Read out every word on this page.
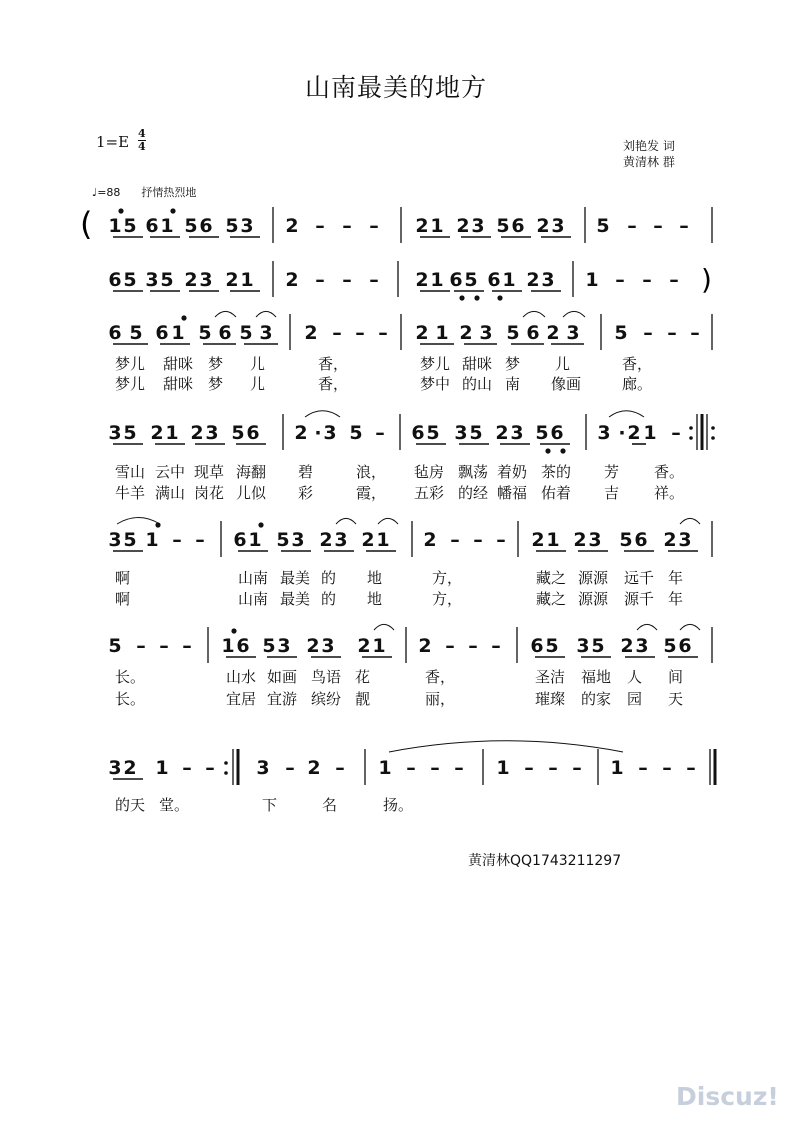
山南最美的地方
$1=E \frac{4}{4}$	刘艳发 词
黄清林 群
♩=88 抒情热烈地
( 1 5 6 1 5 6 5 3 2 – – – 2 1 2 3 5 6 2 3 5 – – –
6 5 3 5 2 3 2 1 2 – – – 2 1 6 5 6 1 2 3 1 – – – )
6 5 6 1 5 6 5 3 2 – – – 2 1 2 3 5 6 2 3 5 – – –
梦儿 甜咪 梦 儿	香，	梦儿 甜咪 梦 儿	香，
梦儿 甜咪 梦 儿	香，	梦中 的山 南 像画	廊。
3 5 2 1 2 3 5 6 2 · 3 5 – 6 5 3 5 2 3 5 6 3 · 2 1 –
雪山 云中 现草 海翻 碧	浪， 毡房 飘荡 着奶 茶的 芳 香。
牛羊 满山 岗花 儿似 彩	霞， 五彩 的经 幡福 佑着 吉 祥。
3 5 1 – – 6 1 5 3 2 3 2 1 2 – – – 2 1 2 3 5 6 2 3
啊	山南 最美 的 地	方，	藏之 源源 远千 年
啊	山南 最美 的 地	方，	藏之 源源 源千 年
5 – – – 1 6 5 3 2 3 2 1 2 – – – 6 5 3 5 2 3 5 6
长。	山水 如画 鸟语 花	香，	圣洁 福地 人 间
长。	宜居 宜游 缤纷 靓	丽，	璀璨 的家 园 天
3 2 1 – – 3 – 2 – 1 – – – 1 – – – 1 – – –
的天 堂。	下	名	扬。
黄清林QQ1743211297
Discuz!
